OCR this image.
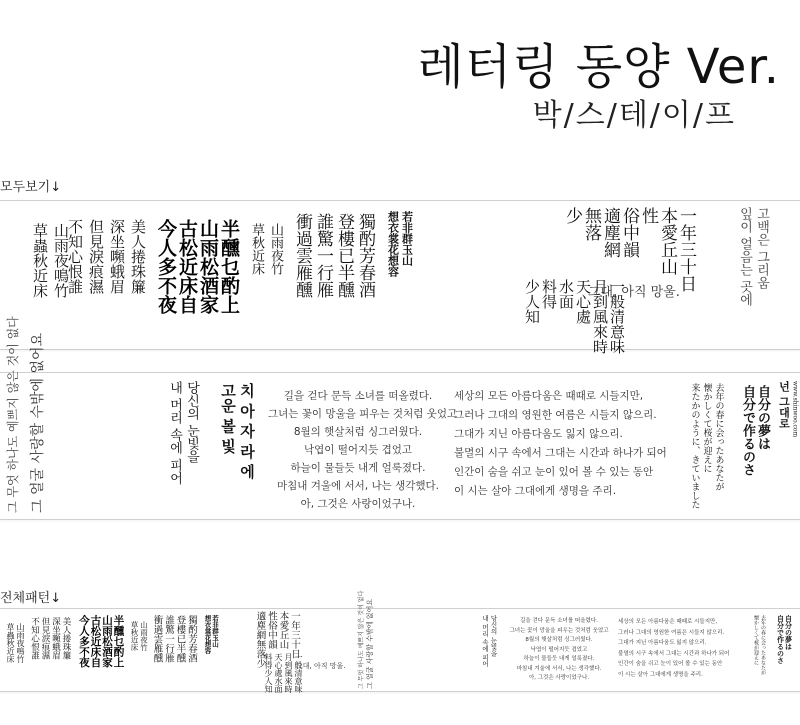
레터링 동양 Ver.
박/스/테/이/프
모두보기↓
山雨夜鳴竹
草蟲秋近床	美人捲珠簾
深坐嚬蛾眉
但見淚痕濕
不知心恨誰	半醺乜酌上
山雨松酒家
古松近床自
今人多不夜	山雨夜竹
草秋近床	獨酌芳春酒
登樓已半醺
誰驚一行雁
衝過雲雁醺	若非群玉山
想衣裳花想容	一年三十日
本愛丘山
性
俗中韻
適塵網
無落
少
一般清意味
月到風來時
天心處
水面
料得
少人知	그대, 아직 망울.
고백은 그리움
잎이 얼음는 곳에
그 무엇 하나도 예쁘지 않은 것이 없다 그 얼굴 사랑할 수밖에 없어요	당신의 눈빛을
내 머리 속에 피어	치 아 자 라 에
고운 볼 빛	길을 걷다 문득 소녀를 떠올렸다.
그녀는 꽃이 망울을 피우는 것처럼 웃었고
8월의 햇살처럼 싱그러웠다.
낙엽이 떨어지듯 겹었고
하늘이 물들듯 내게 얼룩졌다.
마침내 겨울에 서서, 나는 생각했다.
아, 그것은 사랑이었구나.
세상의 모든 아름다움은 때때로 시들지만,
그러나 그대의 영원한 여름은 시들지 않으리.
그대가 지닌 아름다움도 잃지 않으리.
불멸의 시구 속에서 그대는 시간과 하나가 되어
인간이 숨을 쉬고 눈이 있어 볼 수 있는 동안
이 시는 살아 그대에게 생명을 주리.	去年の春に会ったあなたが
懐かしくて桜が迎えに
来たかのように、きていました	自分の夢は
自分で作るのさ	www.shinwoo.com
넌 그대로
전체패턴↓
山雨夜鳴竹
草蟲秋近床	美人捲珠簾
深坐嚬蛾眉
但見淚痕濕
不知心恨誰	半醺乜酌上
山雨松酒家
古松近床自
今人多不夜	山雨夜竹
草秋近床	獨酌芳春酒
登樓已半醺
誰驚一行雁
衝過雲雁醺	若非群玉山
想衣裳花想容	一年三十日
本愛丘山
性俗中韻
適塵網無落少
一般清意味
月到風來時
天心處水面
料得少人知	그대, 아직 망울.	그 무엇 하나도 예쁘지 않은 것이 없다 그 얼굴 사랑할 수밖에 없어요	당신의 눈빛을
내 머리 속에 피어	길을 걷다 문득 소녀를 떠올렸다.
그녀는 꽃이 망울을 피우는 것처럼 웃었고
8월의 햇살처럼 싱그러웠다.
낙엽이 떨어지듯 겹었고
하늘이 물들듯 내게 얼룩졌다.
마침내 겨울에 서서, 나는 생각했다.
아, 그것은 사랑이었구나.
세상의 모든 아름다움은 때때로 시들지만,
그러나 그대의 영원한 여름은 시들지 않으리.
그대가 지닌 아름다움도 잃지 않으리.
불멸의 시구 속에서 그대는 시간과 하나가 되어
인간이 숨을 쉬고 눈이 있어 볼 수 있는 동안
이 시는 살아 그대에게 생명을 주리.	去年の春に会ったあなたが
懐かしくて桜が迎えに	自分の夢は
自分で作るのさ
